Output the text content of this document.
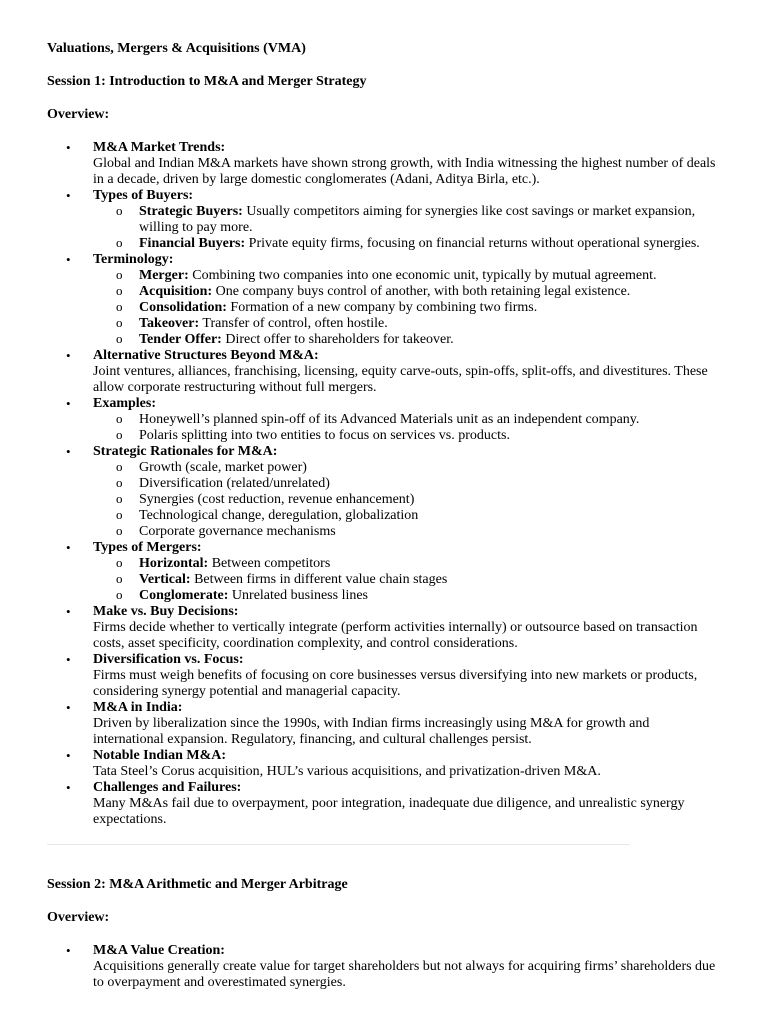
Valuations, Mergers & Acquisitions (VMA)

Session 1: Introduction to M&A and Merger Strategy

Overview:

• M&A Market Trends:
Global and Indian M&A markets have shown strong growth, with India witnessing the highest number of deals in a decade, driven by large domestic conglomerates (Adani, Aditya Birla, etc.).
• Types of Buyers:
o Strategic Buyers: Usually competitors aiming for synergies like cost savings or market expansion, willing to pay more.
o Financial Buyers: Private equity firms, focusing on financial returns without operational synergies.
• Terminology:
o Merger: Combining two companies into one economic unit, typically by mutual agreement.
o Acquisition: One company buys control of another, with both retaining legal existence.
o Consolidation: Formation of a new company by combining two firms.
o Takeover: Transfer of control, often hostile.
o Tender Offer: Direct offer to shareholders for takeover.
• Alternative Structures Beyond M&A:
Joint ventures, alliances, franchising, licensing, equity carve-outs, spin-offs, split-offs, and divestitures. These allow corporate restructuring without full mergers.
• Examples:
o Honeywell’s planned spin-off of its Advanced Materials unit as an independent company.
o Polaris splitting into two entities to focus on services vs. products.
• Strategic Rationales for M&A:
o Growth (scale, market power)
o Diversification (related/unrelated)
o Synergies (cost reduction, revenue enhancement)
o Technological change, deregulation, globalization
o Corporate governance mechanisms
• Types of Mergers:
o Horizontal: Between competitors
o Vertical: Between firms in different value chain stages
o Conglomerate: Unrelated business lines
• Make vs. Buy Decisions:
Firms decide whether to vertically integrate (perform activities internally) or outsource based on transaction costs, asset specificity, coordination complexity, and control considerations.
• Diversification vs. Focus:
Firms must weigh benefits of focusing on core businesses versus diversifying into new markets or products, considering synergy potential and managerial capacity.
• M&A in India:
Driven by liberalization since the 1990s, with Indian firms increasingly using M&A for growth and international expansion. Regulatory, financing, and cultural challenges persist.
• Notable Indian M&A:
Tata Steel’s Corus acquisition, HUL’s various acquisitions, and privatization-driven M&A.
• Challenges and Failures:
Many M&As fail due to overpayment, poor integration, inadequate due diligence, and unrealistic synergy expectations.

Session 2: M&A Arithmetic and Merger Arbitrage

Overview:

• M&A Value Creation:
Acquisitions generally create value for target shareholders but not always for acquiring firms’ shareholders due to overpayment and overestimated synergies.
